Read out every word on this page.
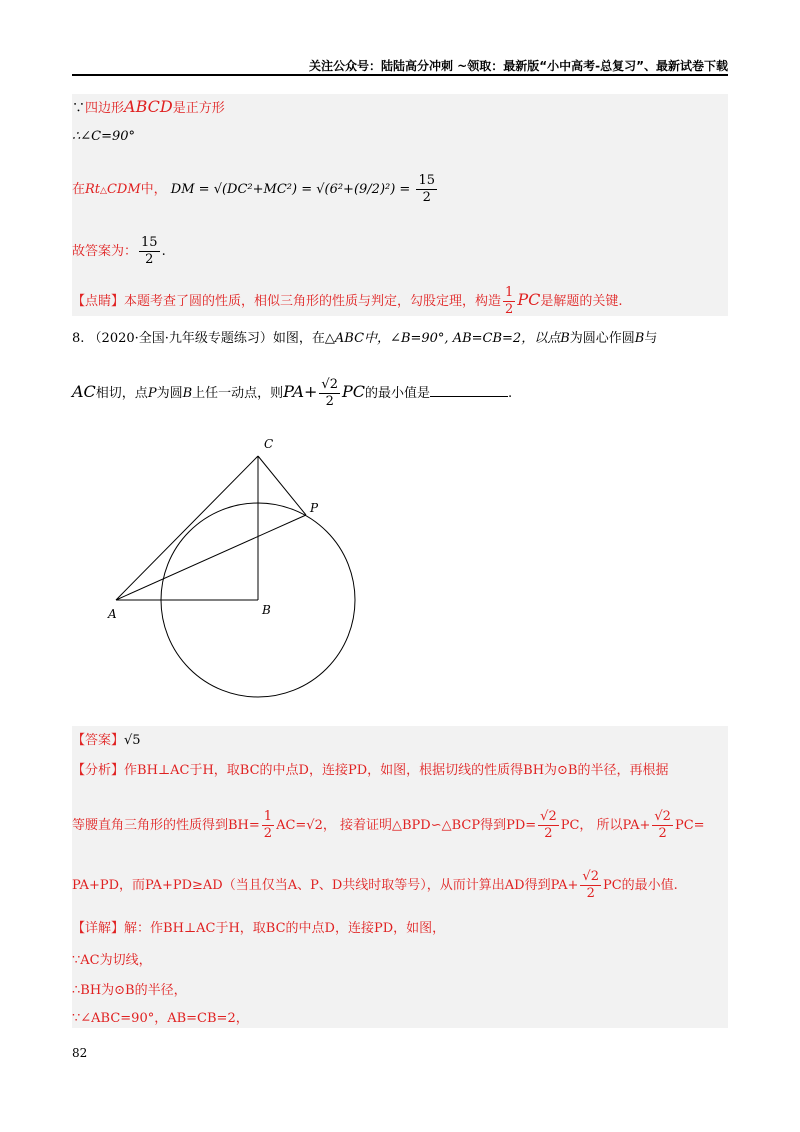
关注公众号：陆陆高分冲刺 ~领取：最新版“小中高考-总复习”、最新试卷下载
∵四边形ABCD是正方形
∴∠C=90°
在Rt△CDM中， DM = $√(DC^2+MC^2) = √(6^2+(9/2)^2) = \frac{15}{2}$
故答案为： $\frac{15}{2}$ .
【点睛】本题考查了圆的性质，相似三角形的性质与判定，勾股定理，构造 $\frac{1}{2}$ PC是解题的关键.
8. （2020·全国·九年级专题练习）如图，在△ABC中，∠B=90°, AB=CB=2，以点B为圆心作圆B与
AC相切，点P为圆B上任一动点，则$PA+ \frac{√2}{2}$ PC的最小值是	.
C
P
A	B
【答案】√5
【分析】作BH⊥AC于H，取BC的中点D，连接PD，如图，根据切线的性质得BH为⊙B的半径，再根据
等腰直角三角形的性质得到$BH= \frac{1}{2} AC=√2$， 接着证明△BPD∽△BCP得到$PD= \frac{√2}{2}$ PC， 所以$PA+ \frac{√2}{2} PC=$
PA+PD，而PA+PD≥AD（当且仅当A、P、D共线时取等号），从而计算出AD得到$PA+ \frac{√2}{2}$ PC的最小值.
【详解】解：作BH⊥AC于H，取BC的中点D，连接PD，如图，
∵AC为切线，
∴BH为⊙B的半径，
∵∠ABC=90°，AB=CB=2，
82
